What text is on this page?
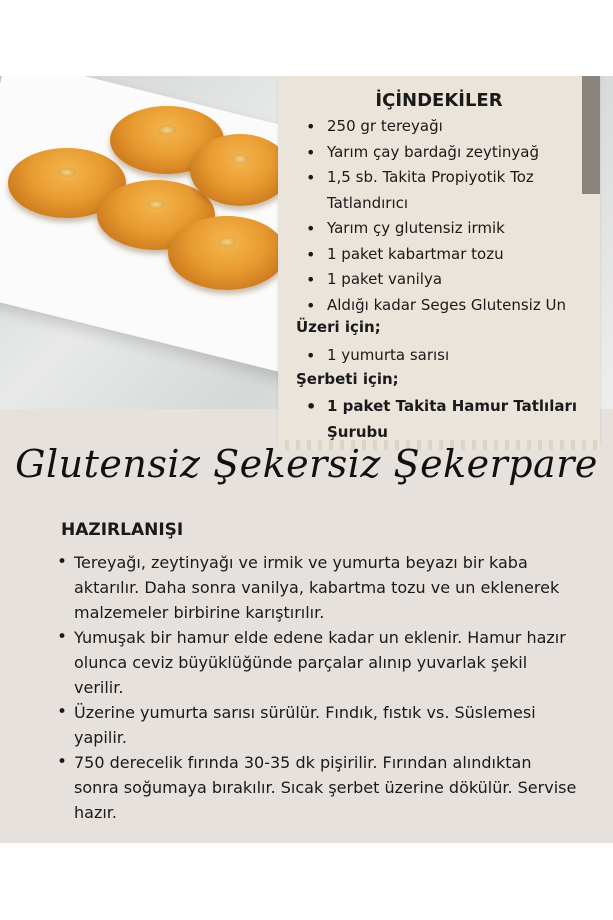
İÇİNDEKİLER
• 250 gr tereyağı
• Yarım çay bardağı zeytinyağ
• 1,5 sb. Takita Propiyotik Toz Tatlandırıcı
• Yarım çy glutensiz irmik
• 1 paket kabartmar tozu
• 1 paket vanilya
• Aldığı kadar Seges Glutensiz Un
Üzeri için;
• 1 yumurta sarısı
Şerbeti için;
• 1 paket Takita Hamur Tatlıları Şurubu
Glutensiz Şekersiz Şekerpare
HAZIRLANIŞI
• Tereyağı, zeytinyağı ve irmik ve yumurta beyazı bir kaba aktarılır. Daha sonra vanilya, kabartma tozu ve un eklenerek malzemeler birbirine karıştırılır.
• Yumuşak bir hamur elde edene kadar un eklenir. Hamur hazır olunca ceviz büyüklüğünde parçalar alınıp yuvarlak şekil verilir.
• Üzerine yumurta sarısı sürülür. Fındık, fıstık vs. Süslemesi yapilir.
• 750 derecelik fırında 30-35 dk pişirilir. Fırından alındıktan sonra soğumaya bırakılır. Sıcak şerbet üzerine dökülür. Servise hazır.
